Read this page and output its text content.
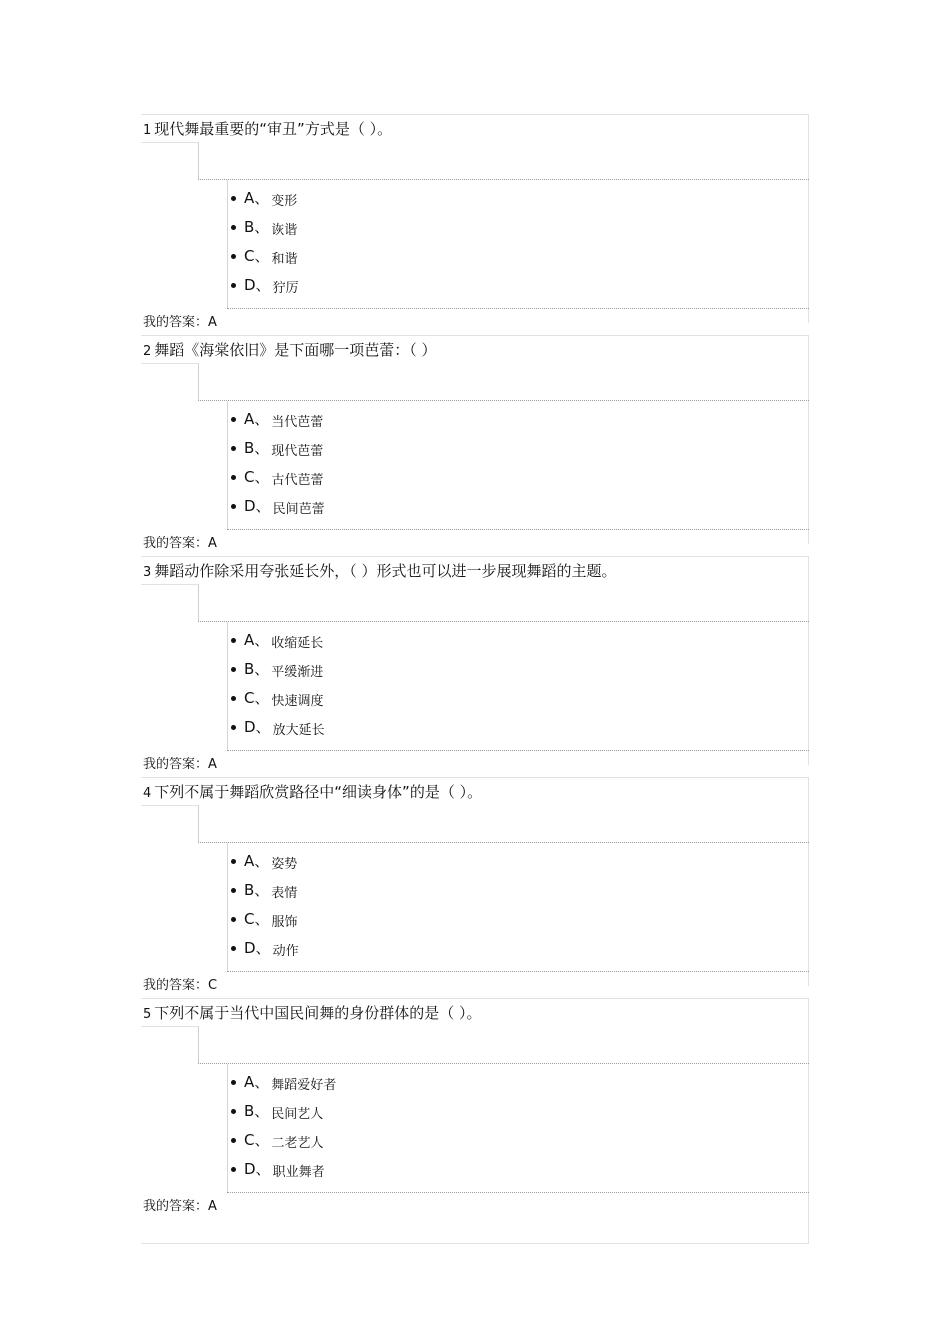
1 现代舞最重要的“审丑”方式是（ ）。
A、 变形
B、 诙谐
C、 和谐
D、 狞厉
我的答案：A
2 舞蹈《海棠依旧》是下面哪一项芭蕾：（ ）
A、 当代芭蕾
B、 现代芭蕾
C、 古代芭蕾
D、 民间芭蕾
我的答案：A
3 舞蹈动作除采用夸张延长外，（ ）形式也可以进一步展现舞蹈的主题。
A、 收缩延长
B、 平缓渐进
C、 快速调度
D、 放大延长
我的答案：A
4 下列不属于舞蹈欣赏路径中“细读身体”的是（ ）。
A、 姿势
B、 表情
C、 服饰
D、 动作
我的答案：C
5 下列不属于当代中国民间舞的身份群体的是（ ）。
A、 舞蹈爱好者
B、 民间艺人
C、 二老艺人
D、 职业舞者
我的答案：A
